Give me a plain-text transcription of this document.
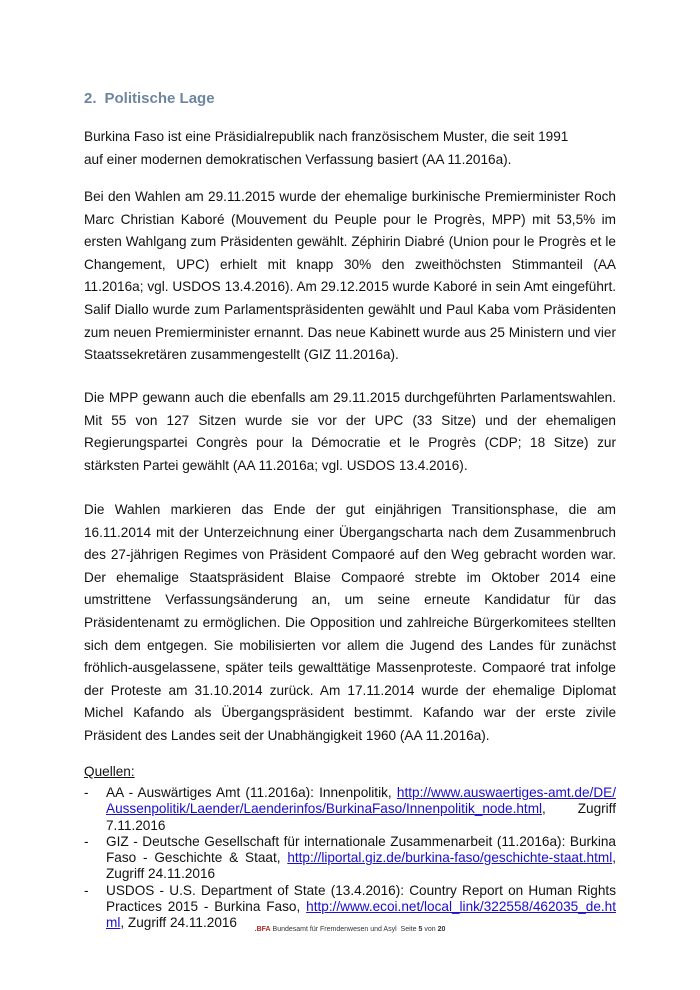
2. Politische Lage

Burkina Faso ist eine Präsidialrepublik nach französischem Muster, die seit 1991 auf einer modernen demokratischen Verfassung basiert (AA 11.2016a).

Bei den Wahlen am 29.11.2015 wurde der ehemalige burkinische Premierminister Roch Marc Christian Kaboré (Mouvement du Peuple pour le Progrès, MPP) mit 53,5% im ersten Wahlgang zum Präsidenten gewählt. Zéphirin Diabré (Union pour le Progrès et le Changement, UPC) erhielt mit knapp 30% den zweithöchsten Stimmanteil (AA 11.2016a; vgl. USDOS 13.4.2016). Am 29.12.2015 wurde Kaboré in sein Amt eingeführt. Salif Diallo wurde zum Parlamentspräsidenten gewählt und Paul Kaba vom Präsidenten zum neuen Premierminister ernannt. Das neue Kabinett wurde aus 25 Ministern und vier Staatssekretären zusammengestellt (GIZ 11.2016a).

Die MPP gewann auch die ebenfalls am 29.11.2015 durchgeführten Parlamentswahlen. Mit 55 von 127 Sitzen wurde sie vor der UPC (33 Sitze) und der ehemaligen Regierungspartei Congrès pour la Démocratie et le Progrès (CDP; 18 Sitze) zur stärksten Partei gewählt (AA 11.2016a; vgl. USDOS 13.4.2016).

Die Wahlen markieren das Ende der gut einjährigen Transitionsphase, die am 16.11.2014 mit der Unterzeichnung einer Übergangscharta nach dem Zusammenbruch des 27-jährigen Regimes von Präsident Compaoré auf den Weg gebracht worden war. Der ehemalige Staatspräsident Blaise Compaoré strebte im Oktober 2014 eine umstrittene Verfassungsänderung an, um seine erneute Kandidatur für das Präsidentenamt zu ermöglichen. Die Opposition und zahlreiche Bürgerkomitees stellten sich dem entgegen. Sie mobilisierten vor allem die Jugend des Landes für zunächst fröhlich-ausgelassene, später teils gewalttätige Massenproteste. Compaoré trat infolge der Proteste am 31.10.2014 zurück. Am 17.11.2014 wurde der ehemalige Diplomat Michel Kafando als Übergangspräsident bestimmt. Kafando war der erste zivile Präsident des Landes seit der Unabhängigkeit 1960 (AA 11.2016a).

Quellen:
- AA - Auswärtiges Amt (11.2016a): Innenpolitik, http://www.auswaertiges-amt.de/DE/Aussenpolitik/Laender/Laenderinfos/BurkinaFaso/Innenpolitik_node.html, Zugriff 7.11.2016
- GIZ - Deutsche Gesellschaft für internationale Zusammenarbeit (11.2016a): Burkina Faso - Geschichte & Staat, http://liportal.giz.de/burkina-faso/geschichte-staat.html, Zugriff 24.11.2016
- USDOS - U.S. Department of State (13.4.2016): Country Report on Human Rights Practices 2015 - Burkina Faso, http://www.ecoi.net/local_link/322558/462035_de.html, Zugriff 24.11.2016	.BFA Bundesamt für Fremdenwesen und Asyl Seite 5 von 20
